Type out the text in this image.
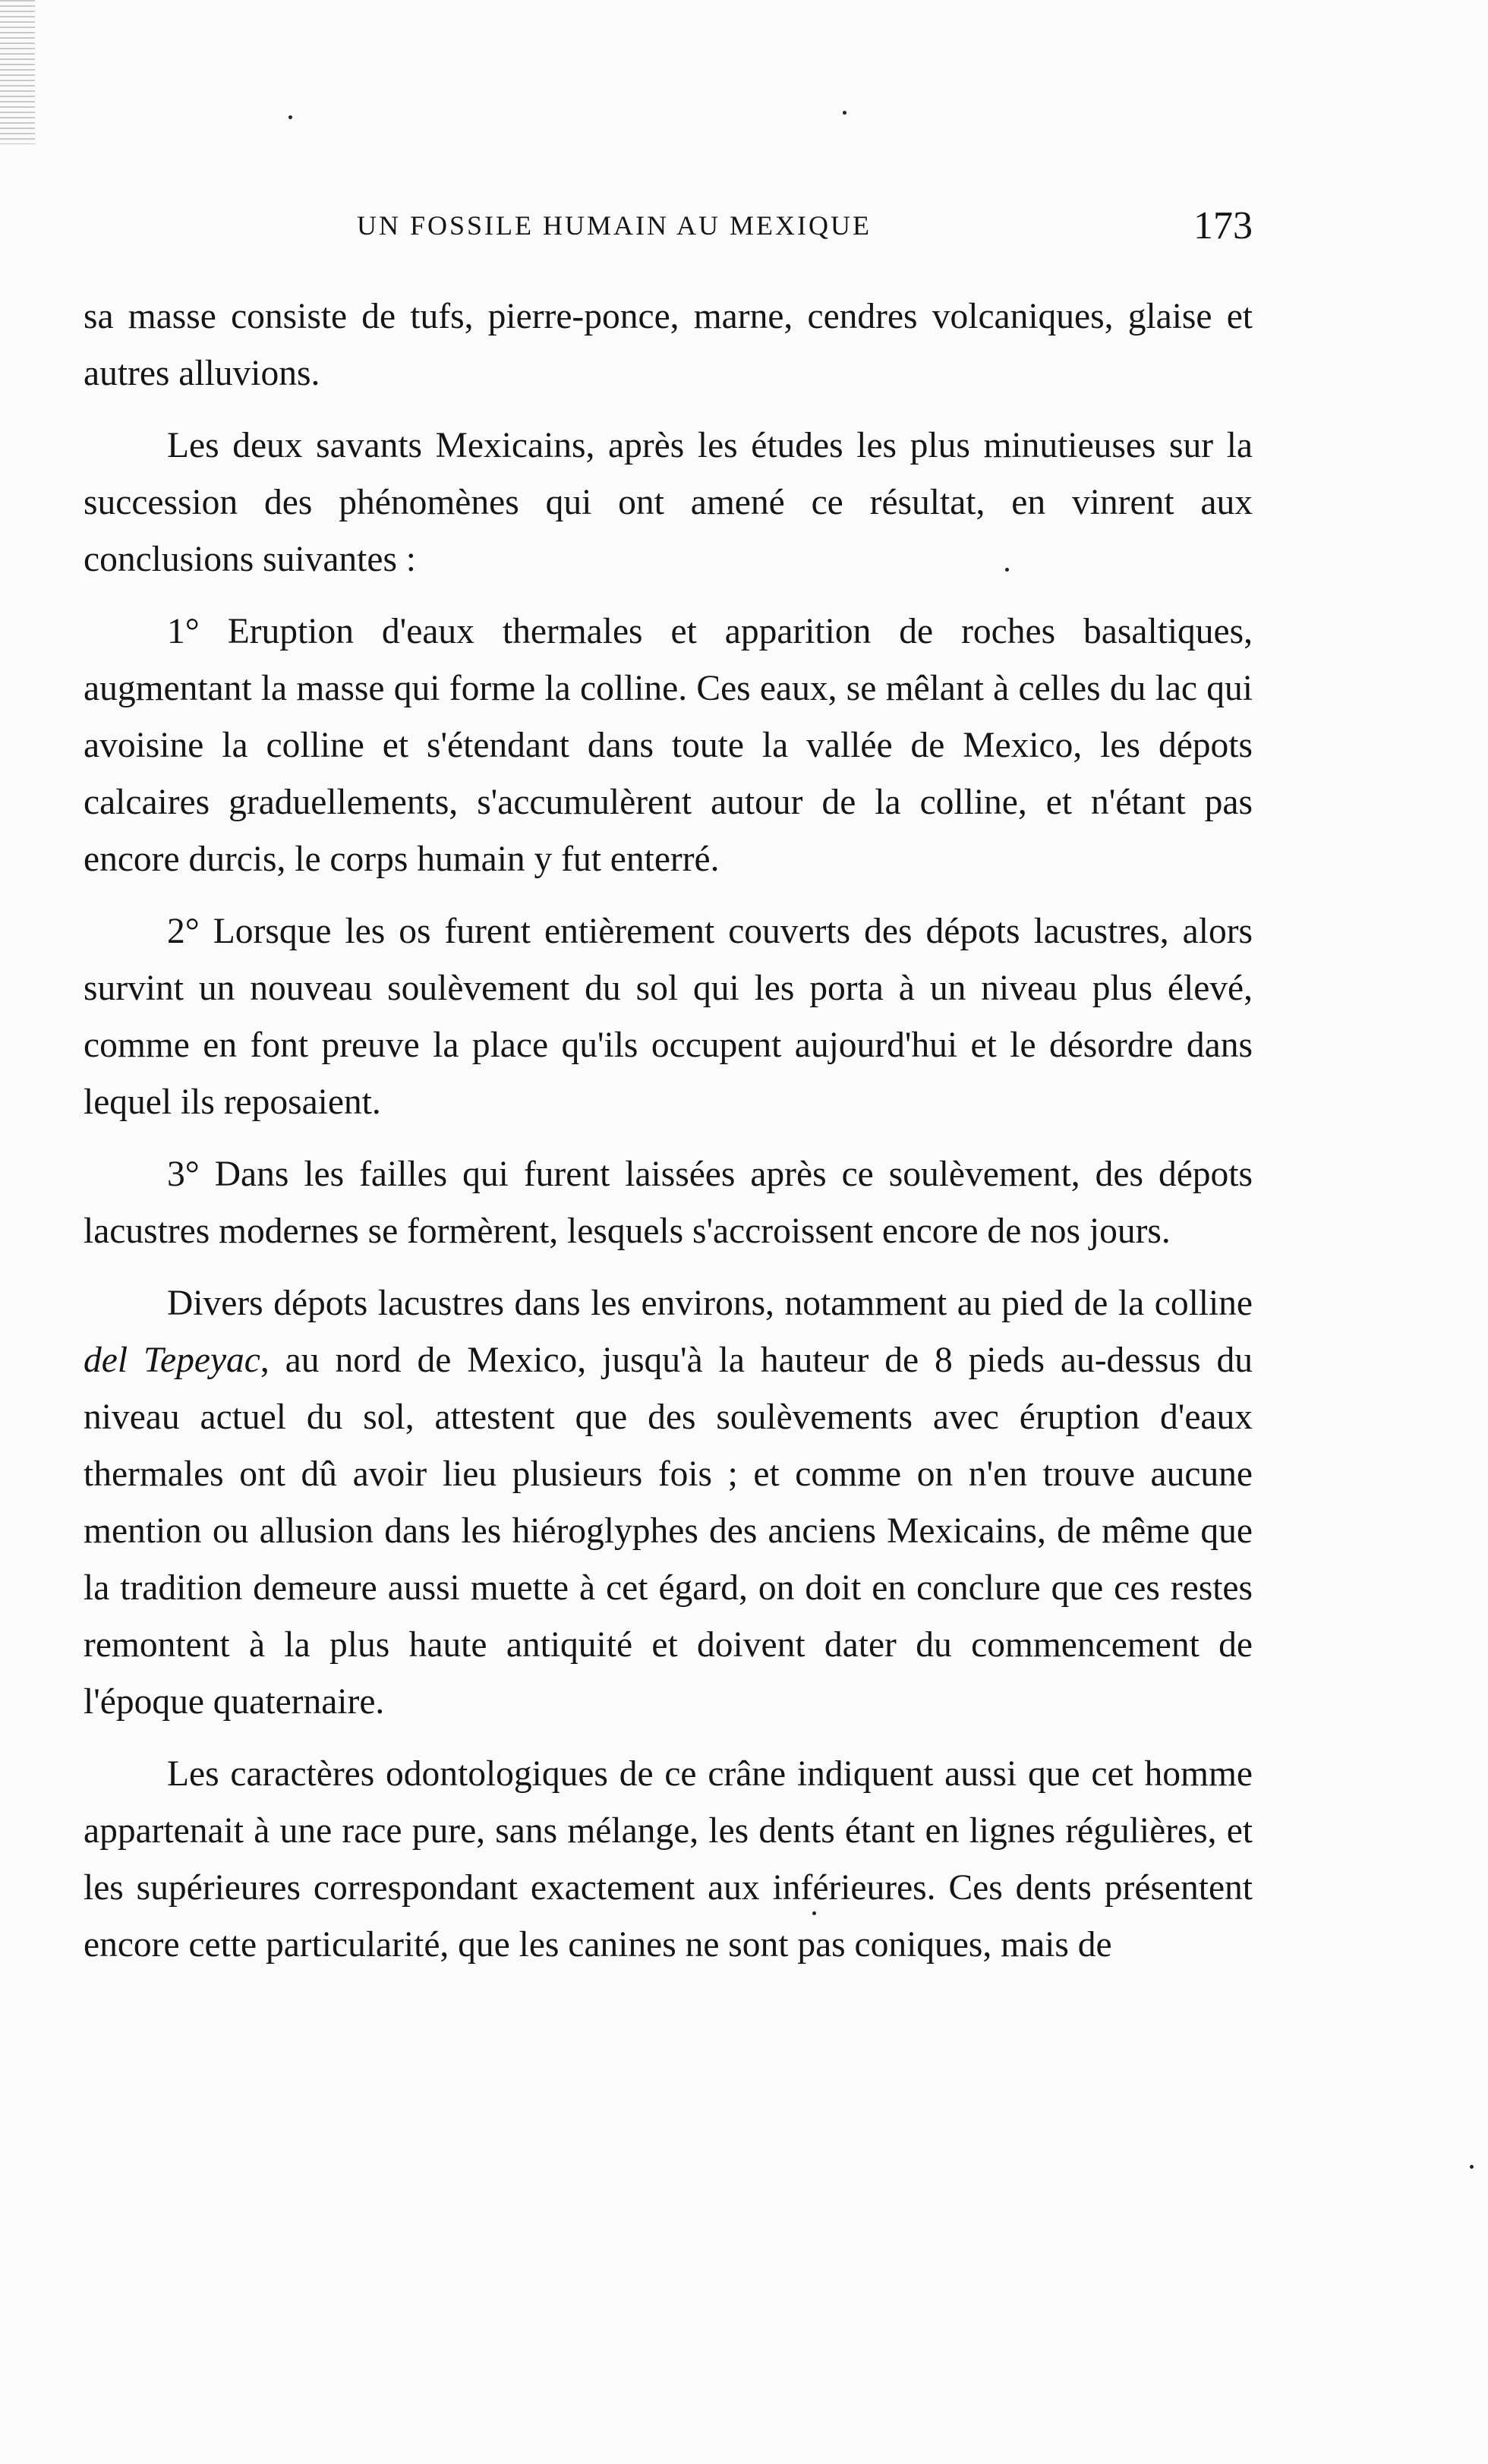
UN FOSSILE HUMAIN AU MEXIQUE	173

sa masse consiste de tufs, pierre-ponce, marne, cendres volcaniques, glaise et autres alluvions.

Les deux savants Mexicains, après les études les plus minutieuses sur la succession des phénomènes qui ont amené ce résultat, en vinrent aux conclusions suivantes :

1° Eruption d'eaux thermales et apparition de roches basaltiques, augmentant la masse qui forme la colline. Ces eaux, se mêlant à celles du lac qui avoisine la colline et s'étendant dans toute la vallée de Mexico, les dépots calcaires graduellements, s'accumulèrent autour de la colline, et n'étant pas encore durcis, le corps humain y fut enterré.

2° Lorsque les os furent entièrement couverts des dépots lacustres, alors survint un nouveau soulèvement du sol qui les porta à un niveau plus élevé, comme en font preuve la place qu'ils occupent aujourd'hui et le désordre dans lequel ils reposaient.

3° Dans les failles qui furent laissées après ce soulèvement, des dépots lacustres modernes se formèrent, lesquels s'accroissent encore de nos jours.

Divers dépots lacustres dans les environs, notamment au pied de la colline del Tepeyac, au nord de Mexico, jusqu'à la hauteur de 8 pieds au-dessus du niveau actuel du sol, attestent que des soulèvements avec éruption d'eaux thermales ont dû avoir lieu plusieurs fois ; et comme on n'en trouve aucune mention ou allusion dans les hiéroglyphes des anciens Mexicains, de même que la tradition demeure aussi muette à cet égard, on doit en conclure que ces restes remontent à la plus haute antiquité et doivent dater du commencement de l'époque quaternaire.

Les caractères odontologiques de ce crâne indiquent aussi que cet homme appartenait à une race pure, sans mélange, les dents étant en lignes régulières, et les supérieures correspondant exactement aux inférieures. Ces dents présentent encore cette particularité, que les canines ne sont pas coniques, mais de
